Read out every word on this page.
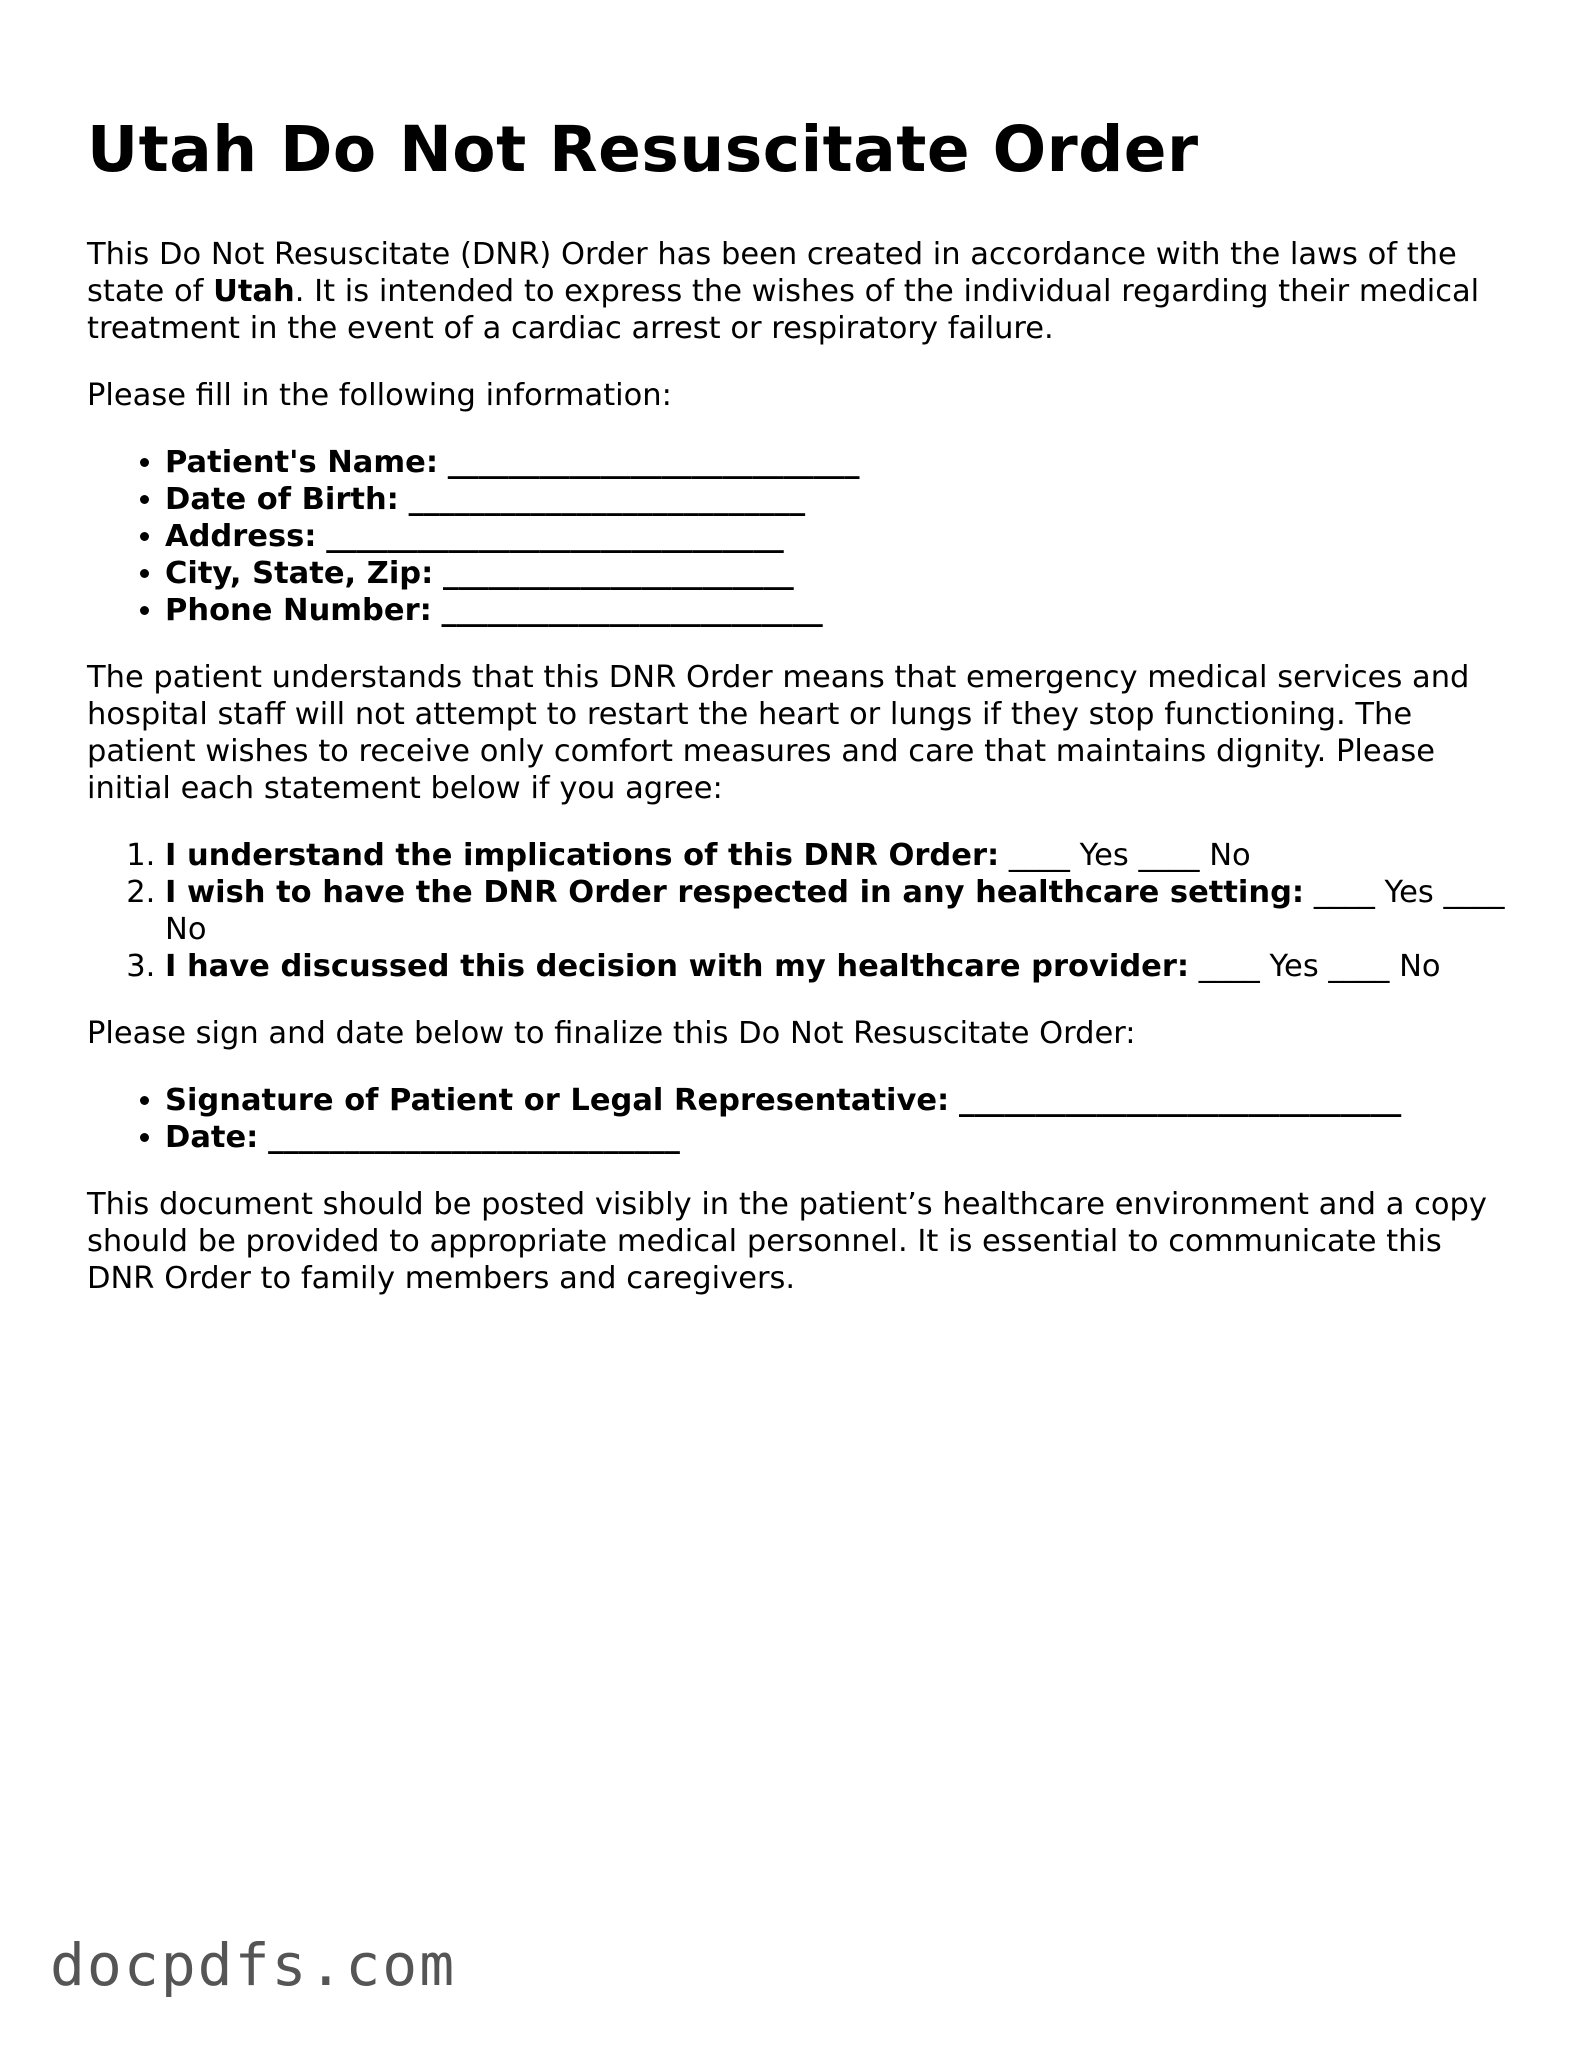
Utah Do Not Resuscitate Order

This Do Not Resuscitate (DNR) Order has been created in accordance with the laws of the state of Utah. It is intended to express the wishes of the individual regarding their medical treatment in the event of a cardiac arrest or respiratory failure.

Please fill in the following information:

• Patient's Name: ___________________________
• Date of Birth: __________________________
• Address: ______________________________
• City, State, Zip: _______________________
• Phone Number: _________________________

The patient understands that this DNR Order means that emergency medical services and hospital staff will not attempt to restart the heart or lungs if they stop functioning. The patient wishes to receive only comfort measures and care that maintains dignity. Please initial each statement below if you agree:

1. I understand the implications of this DNR Order: ____ Yes ____ No
2. I wish to have the DNR Order respected in any healthcare setting: ____ Yes ____ No
3. I have discussed this decision with my healthcare provider: ____ Yes ____ No

Please sign and date below to finalize this Do Not Resuscitate Order:

• Signature of Patient or Legal Representative: _____________________________
• Date: ___________________________

This document should be posted visibly in the patient’s healthcare environment and a copy should be provided to appropriate medical personnel. It is essential to communicate this DNR Order to family members and caregivers.

docpdfs.com
